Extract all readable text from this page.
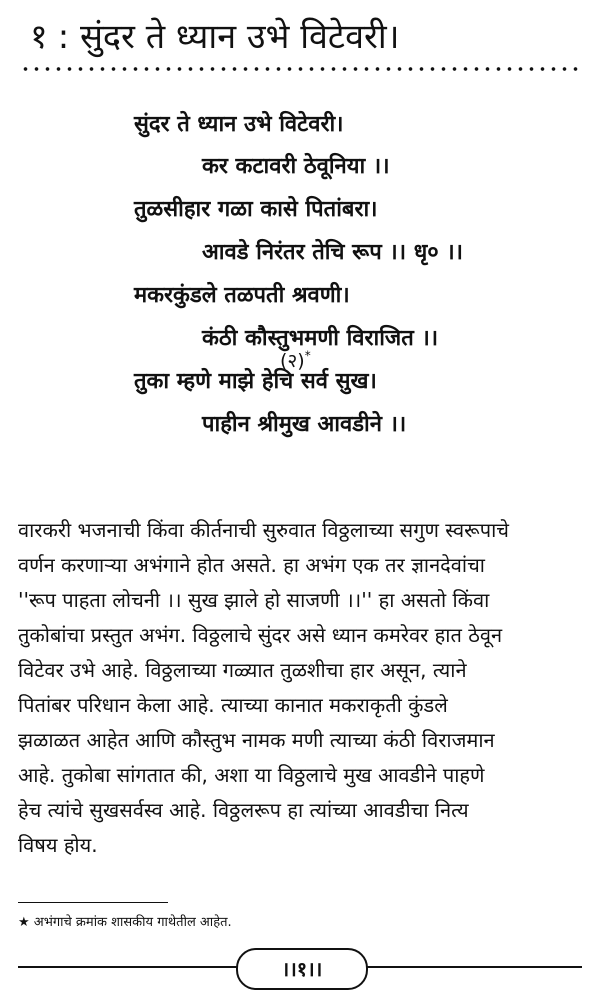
१ : सुंदर ते ध्यान उभे विटेवरी।
सुंदर ते ध्यान उभे विटेवरी।
कर कटावरी ठेवूनिया ।।
तुळसीहार गळा कासे पितांबरा।
आवडे निरंतर तेचि रूप ।। धृ० ।।
मकरकुंडले तळपती श्रवणी।
कंठी कौस्तुभमणी विराजित ।।
तुका म्हणे माझे हेचि सर्व सुख।
पाहीन श्रीमुख आवडीने ।।
(२)*
वारकरी भजनाची किंवा कीर्तनाची सुरुवात विठ्ठलाच्या सगुण स्वरूपाचे
वर्णन करणाऱ्या अभंगाने होत असते. हा अभंग एक तर ज्ञानदेवांचा
''रूप पाहता लोचनी ।। सुख झाले हो साजणी ।।'' हा असतो किंवा
तुकोबांचा प्रस्तुत अभंग. विठ्ठलाचे सुंदर असे ध्यान कमरेवर हात ठेवून
विटेवर उभे आहे. विठ्ठलाच्या गळ्यात तुळशीचा हार असून, त्याने
पितांबर परिधान केला आहे. त्याच्या कानात मकराकृती कुंडले
झळाळत आहेत आणि कौस्तुभ नामक मणी त्याच्या कंठी विराजमान
आहे. तुकोबा सांगतात की, अशा या विठ्ठलाचे मुख आवडीने पाहणे
हेच त्यांचे सुखसर्वस्व आहे. विठ्ठलरूप हा त्यांच्या आवडीचा नित्य
विषय होय.
★ अभंगाचे क्रमांक शासकीय गाथेतील आहेत.
।।१।।
